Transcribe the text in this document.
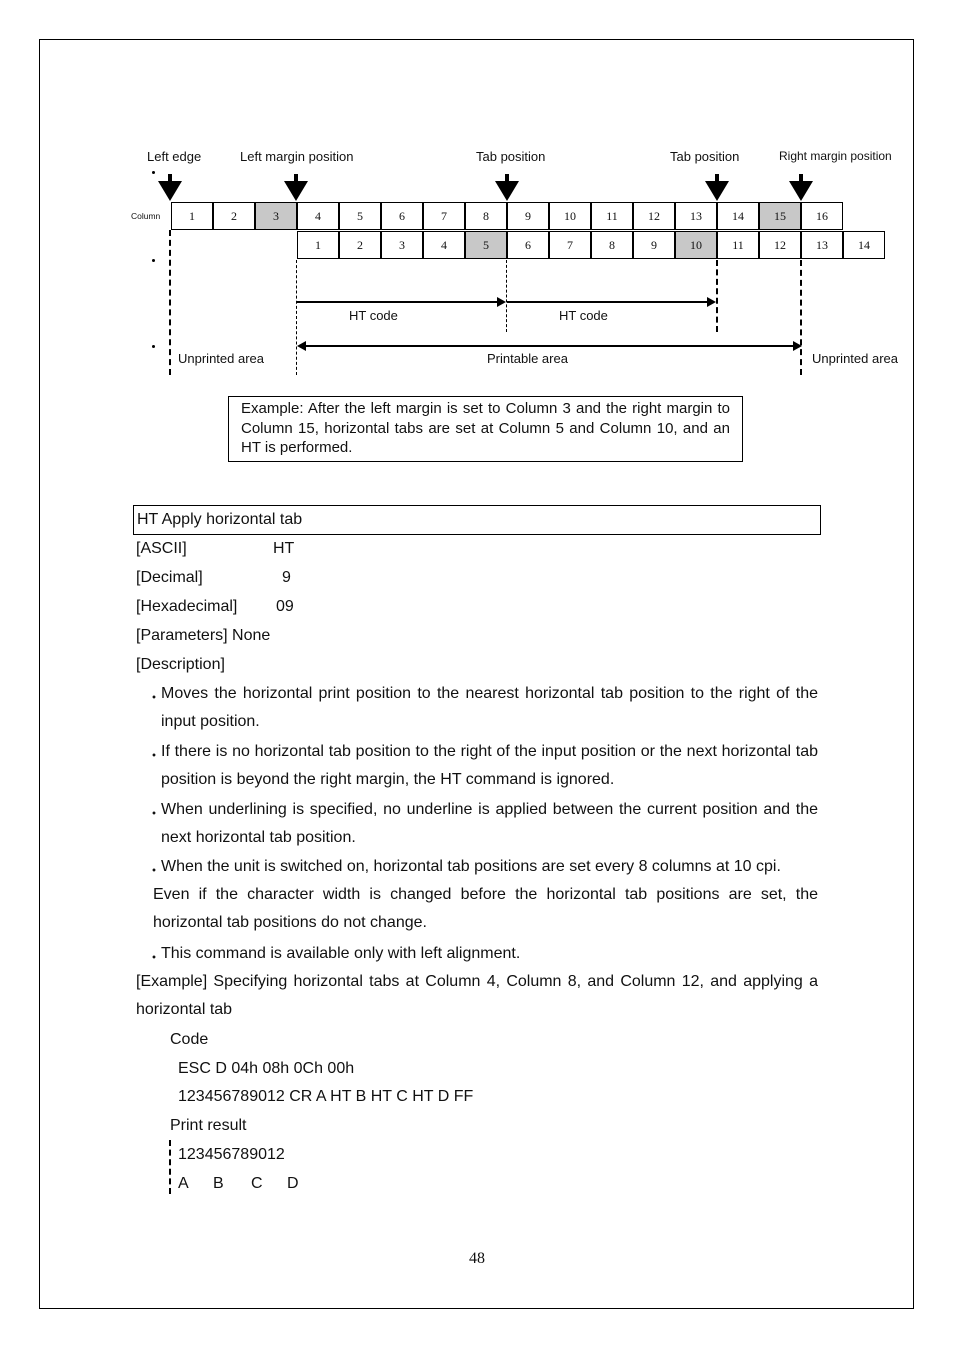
Left edge	Left margin position	Tab position	Tab position	Right margin position
Column	1	2	3	4	5	6	7	8	9	10	11	12	13	14	15	16
1	2	3	4	5	6	7	8	9	10	11	12	13	14
HT code	HT code
Unprinted area	Printable area	Unprinted area
Example: After the left margin is set to Column 3 and the right margin to Column 15, horizontal tabs are set at Column 5 and Column 10, and an HT is performed.
HT Apply horizontal tab
[ASCII]	HT
[Decimal]	9
[Hexadecimal] 09
[Parameters] None
[Description]
・
Moves the horizontal print position to the nearest horizontal tab position to the right of the input position.
・
If there is no horizontal tab position to the right of the input position or the next horizontal tab position is beyond the right margin, the HT command is ignored.
・
When underlining is specified, no underline is applied between the current position and the next horizontal tab position.
・
When the unit is switched on, horizontal tab positions are set every 8 columns at 10 cpi.
Even if the character width is changed before the horizontal tab positions are set, the horizontal tab positions do not change.
・
This command is available only with left alignment.
[Example] Specifying horizontal tabs at Column 4, Column 8, and Column 12, and applying a horizontal tab
Code
ESC D 04h 08h 0Ch 00h
123456789012 CR A HT B HT C HT D FF
Print result
123456789012
A B C D
48
